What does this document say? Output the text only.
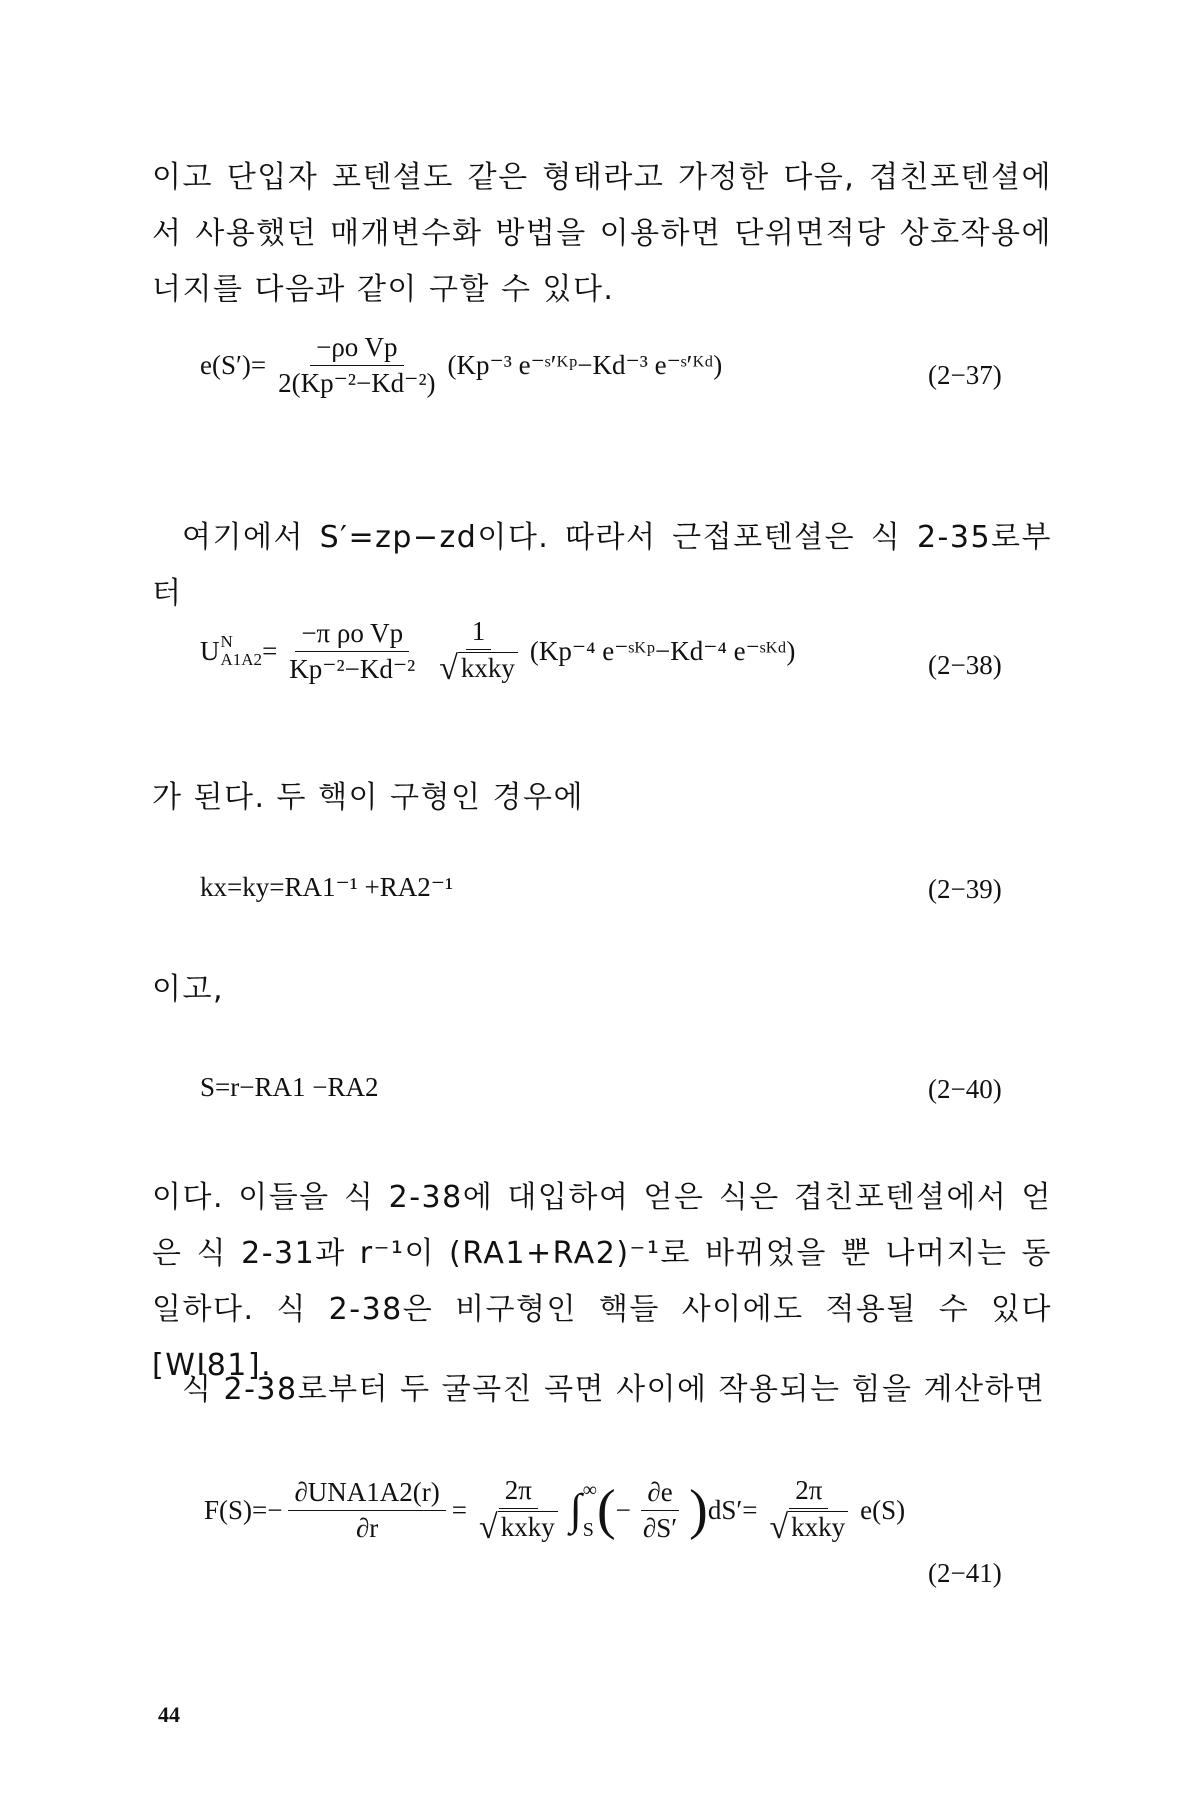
이고 단입자 포텐셜도 같은 형태라고 가정한 다음, 겹친포텐셜에서 사용했던 매개변수화 방법을 이용하면 단위면적당 상호작용에너지를 다음과 같이 구할 수 있다.

$e(S')= \frac{\text{−ρo Vp}}{\text{2(Kp⁻²−Kd⁻²)}} (Kp^{-3}$ e⁻ˢ′ᴷᵖ−Kd⁻³ e⁻ˢ′ᴷᵈ)	(2−37)

여기에서 S′=zp−zd이다. 따라서 근접포텐셜은 식 2-35로부터

U N
$A1A2 = \frac{\text{−π ρo Vp}}{\text{Kp⁻²−Kd⁻²}} \frac{1}{\text{√ kxky}} (Kp^{-4}$ e⁻ˢᴷᵖ−Kd⁻⁴ e⁻ˢᴷᵈ)	(2−38)

가 된다. 두 핵이 구형인 경우에

kx=ky=RA1⁻¹ +RA2⁻¹	(2−39)

이고,

S=r−RA1 −RA2	(2−40)

이다. 이들을 식 2-38에 대입하여 얻은 식은 겹친포텐셜에서 얻은 식 2-31과 r⁻¹이 (RA1+RA2)⁻¹로 바뀌었을 뿐 나머지는 동일하다. 식 2-38은 비구형인 핵들 사이에도 적용될 수 있다[WI81].

식 2-38로부터 두 굴곡진 곡면 사이에 작용되는 힘을 계산하면

$F(S)=- \frac{\text{∂UNA1A2(r)}}{\partial r} = \frac{2\pi}{\text{√ kxky}}$ ∫ ∞
S ( − $\frac{\partial e}{\partial S'}$ ) $dS'= \frac{2\pi}{\text{√ kxky}} e(S)$
(2−41)
44
